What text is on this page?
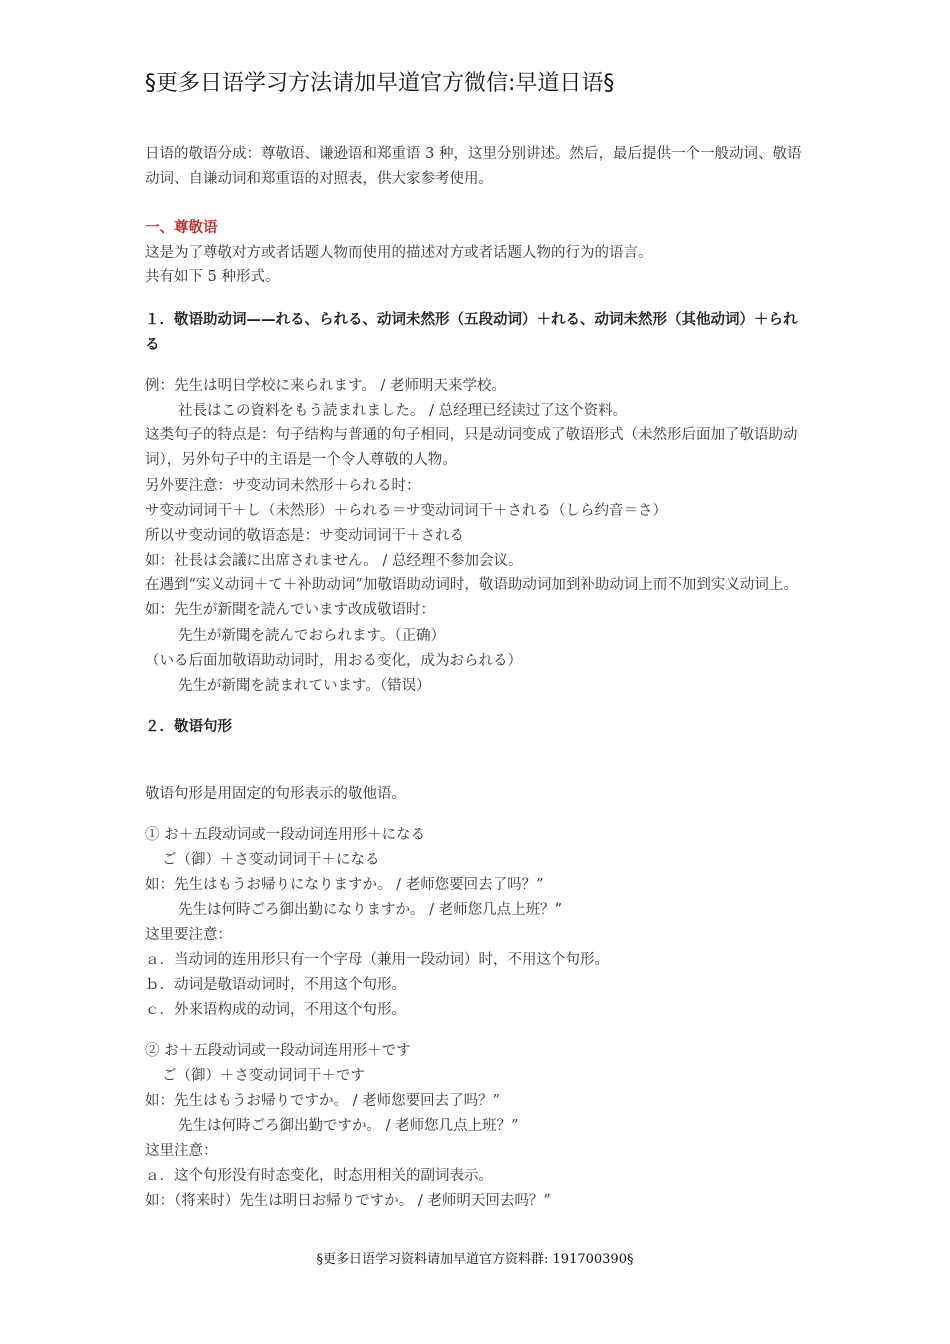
§更多日语学习方法请加早道官方微信:早道日语§
日语的敬语分成：尊敬语、谦逊语和郑重语 3 种，这里分别讲述。然后，最后提供一个一般动词、敬语动词、自谦动词和郑重语的对照表，供大家参考使用。
一、尊敬语
这是为了尊敬对方或者话题人物而使用的描述对方或者话题人物的行为的语言。
共有如下 5 种形式。
１．敬语助动词——れる、られる、动词未然形（五段动词）＋れる、动词未然形（其他动词）＋られる
例：先生は明日学校に来られます。 / 老师明天来学校。
社長はこの資料をもう読まれました。 / 总经理已经读过了这个资料。
这类句子的特点是：句子结构与普通的句子相同，只是动词变成了敬语形式（未然形后面加了敬语助动词），另外句子中的主语是一个令人尊敬的人物。
另外要注意：サ变动词未然形＋られる时：
サ变动词词干＋し（未然形）＋られる＝サ变动词词干＋される（しら约音＝さ）
所以サ变动词的敬语态是：サ变动词词干＋される
如：社長は会議に出席されません。 / 总经理不参加会议。
在遇到“实义动词＋て＋补助动词”加敬语助动词时，敬语助动词加到补助动词上而不加到实义动词上。如：先生が新聞を読んでいます改成敬语时：
先生が新聞を読んでおられます。（正确）
（いる后面加敬语助动词时，用おる变化，成为おられる）
先生が新聞を読まれています。（错误）
２．敬语句形
敬语句形是用固定的句形表示的敬他语。
① お＋五段动词或一段动词连用形＋になる
ご（御）＋さ变动词词干＋になる
如：先生はもうお帰りになりますか。 / 老师您要回去了吗？”
先生は何時ごろ御出勤になりますか。 / 老师您几点上班？”
这里要注意：
ａ．当动词的连用形只有一个字母（兼用一段动词）时，不用这个句形。
ｂ．动词是敬语动词时，不用这个句形。
ｃ．外来语构成的动词，不用这个句形。
② お＋五段动词或一段动词连用形＋です
ご（御）＋さ变动词词干＋です
如：先生はもうお帰りですか。 / 老师您要回去了吗？”
先生は何時ごろ御出勤ですか。 / 老师您几点上班？”
这里注意：
ａ．这个句形没有时态变化，时态用相关的副词表示。
如：（将来时）先生は明日お帰りですか。 / 老师明天回去吗？”
§更多日语学习资料请加早道官方资料群: 191700390§
